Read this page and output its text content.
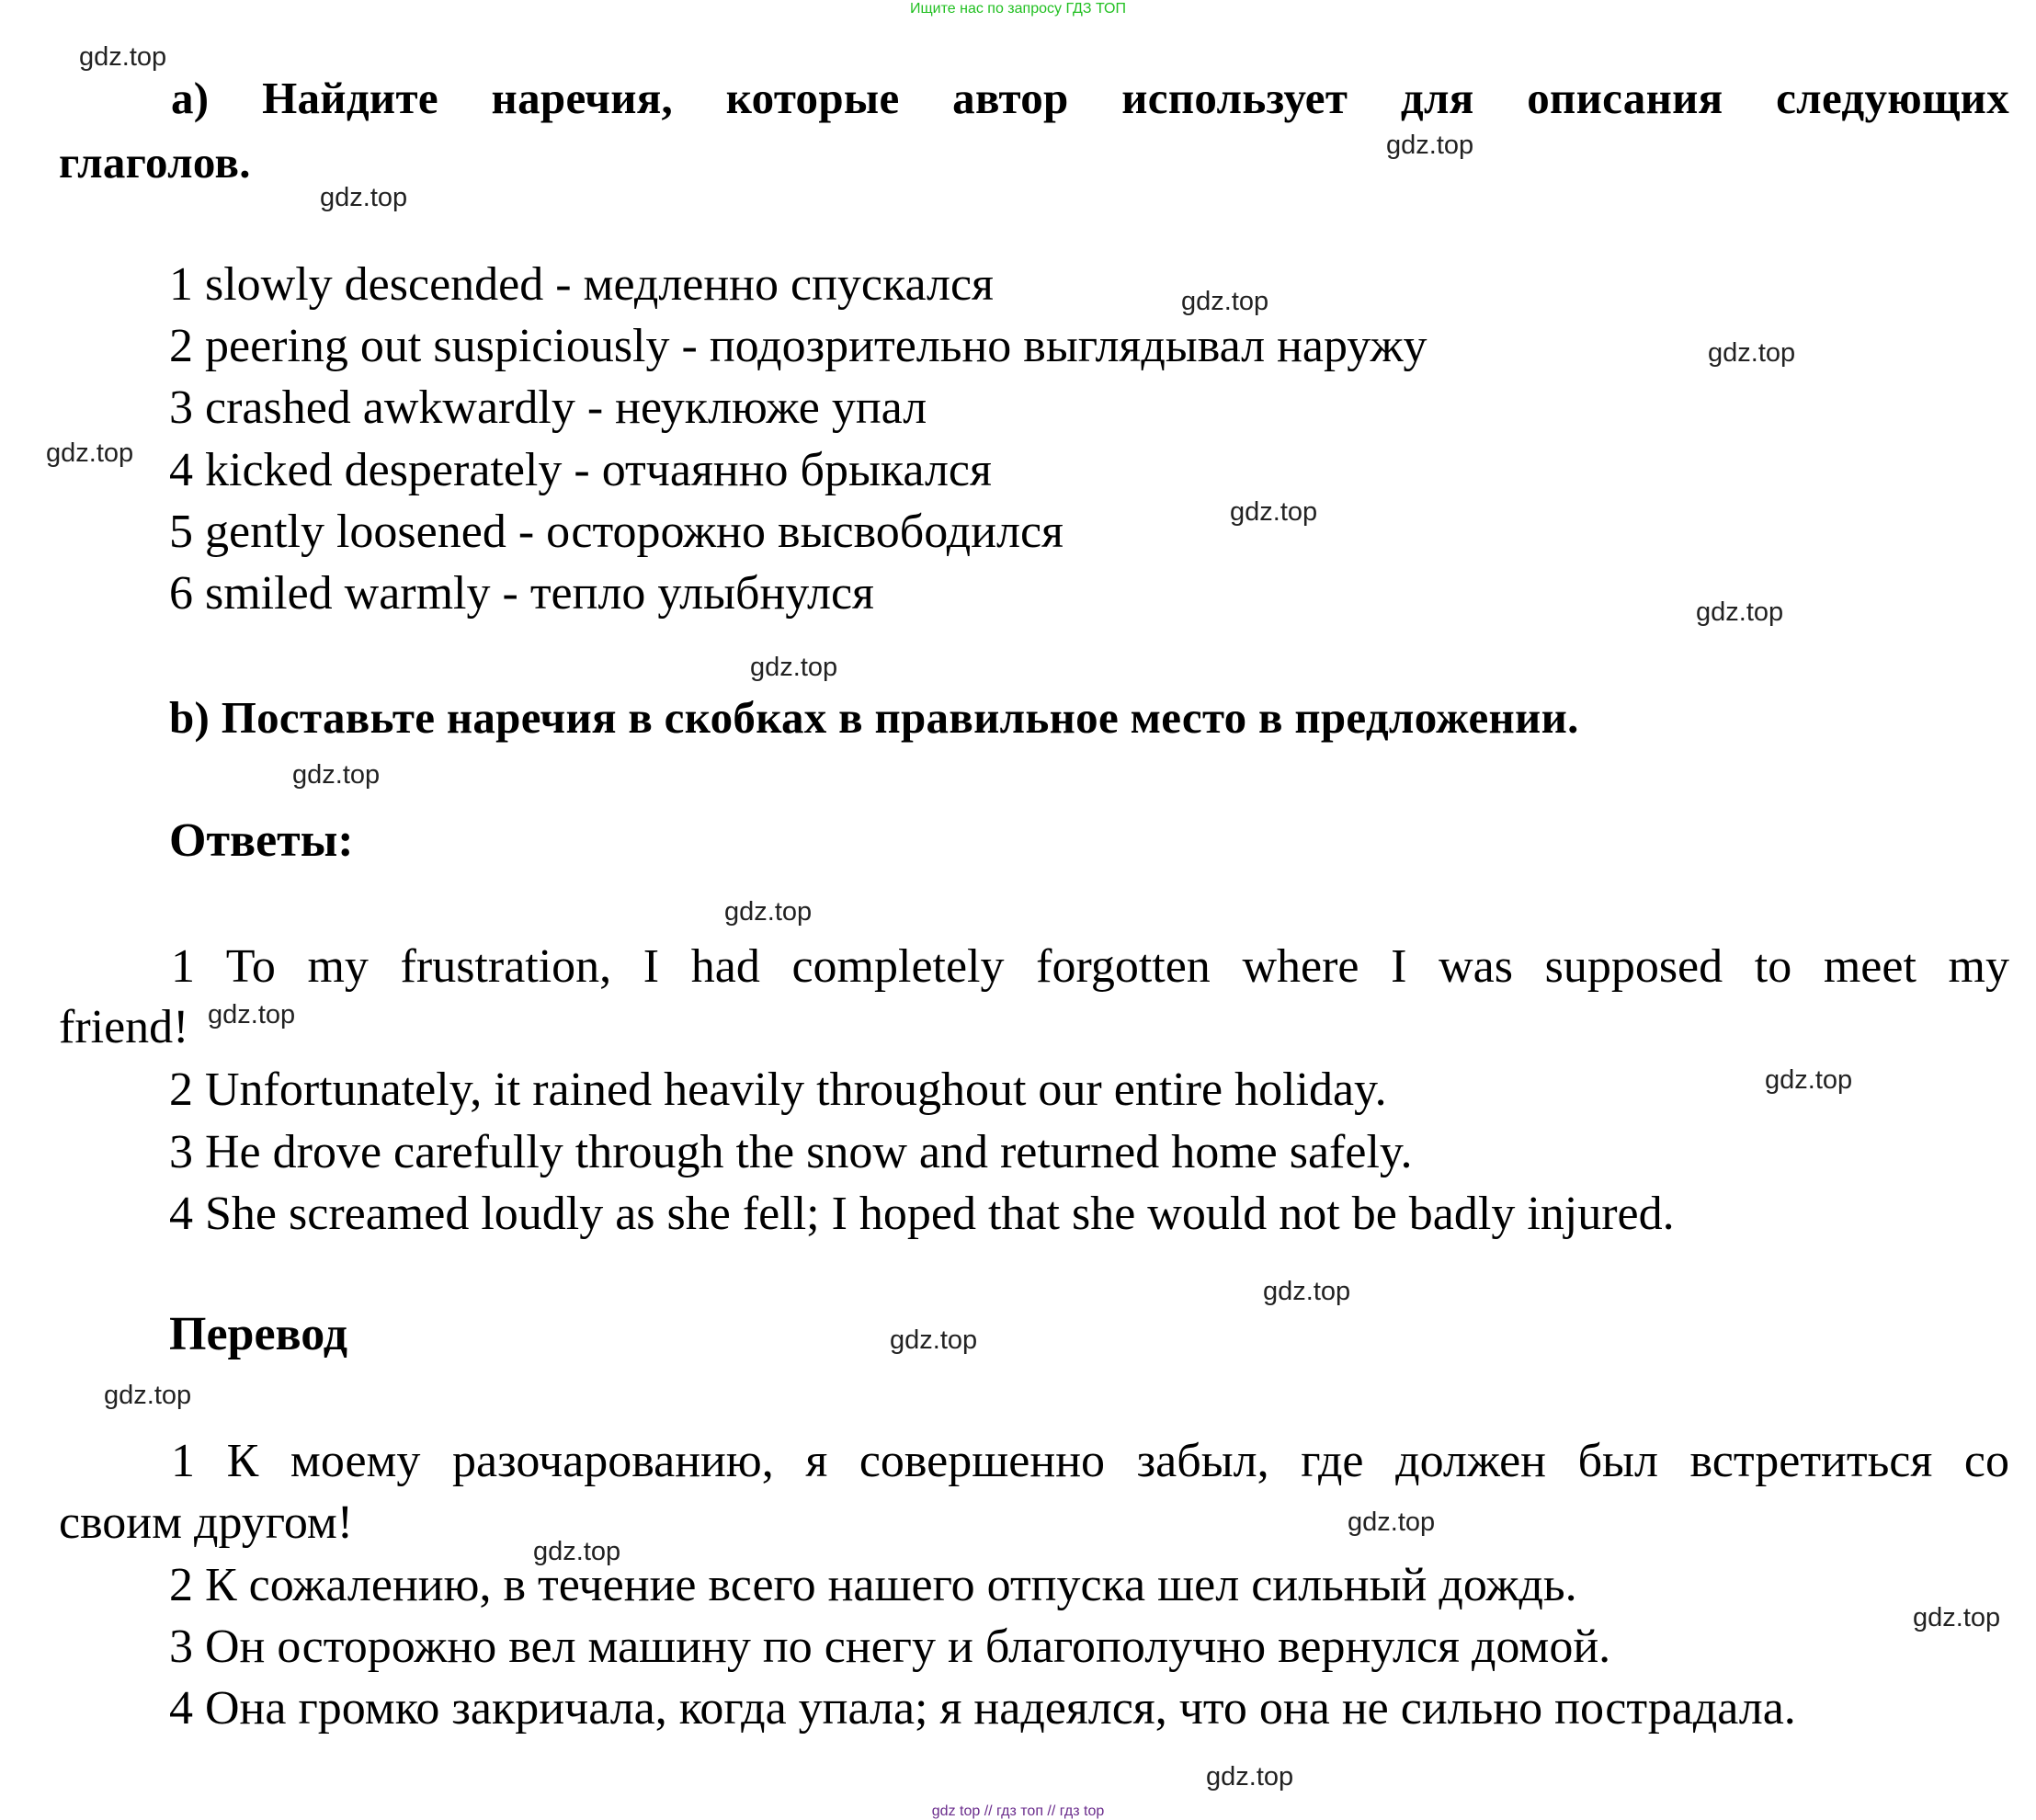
Ищите нас по запросу ГДЗ ТОП
gdz top // гдз топ // гдз top
а) Найдите наречия, которые автор использует для описания следующих
глаголов.
1 slowly descended - медленно спускался
2 peering out suspiciously - подозрительно выглядывал наружу
3 crashed awkwardly - неуклюже упал
4 kicked desperately - отчаянно брыкался
5 gently loosened - осторожно высвободился
6 smiled warmly - тепло улыбнулся
b) Поставьте наречия в скобках в правильное место в предложении.
Ответы:
1 To my frustration, I had completely forgotten where I was supposed to meet my
friend!
2 Unfortunately, it rained heavily throughout our entire holiday.
3 He drove carefully through the snow and returned home safely.
4 She screamed loudly as she fell; I hoped that she would not be badly injured.
Перевод
1 К моему разочарованию, я совершенно забыл, где должен был встретиться со
своим другом!
2 К сожалению, в течение всего нашего отпуска шел сильный дождь.
3 Он осторожно вел машину по снегу и благополучно вернулся домой.
4 Она громко закричала, когда упала; я надеялся, что она не сильно пострадала.
gdz.top
gdz.top
gdz.top
gdz.top
gdz.top
gdz.top
gdz.top
gdz.top
gdz.top
gdz.top
gdz.top
gdz.top
gdz.top
gdz.top
gdz.top
gdz.top
gdz.top
gdz.top
gdz.top
gdz.top
